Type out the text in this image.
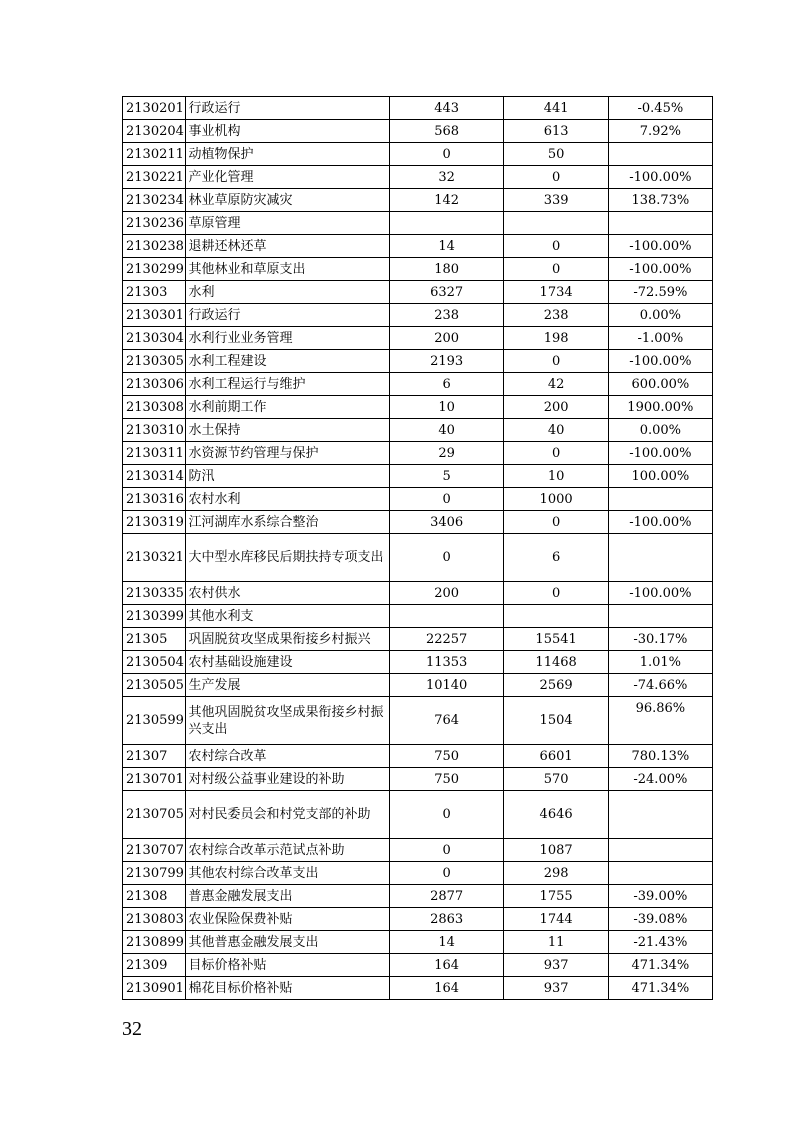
2130201	行政运行	443	441	-0.45%
2130204	事业机构	568	613	7.92%
2130211	动植物保护	0	50	
2130221	产业化管理	32	0	-100.00%
2130234	林业草原防灾减灾	142	339	138.73%
2130236	草原管理			
2130238	退耕还林还草	14	0	-100.00%
2130299	其他林业和草原支出	180	0	-100.00%
21303	水利	6327	1734	-72.59%
2130301	行政运行	238	238	0.00%
2130304	水利行业业务管理	200	198	-1.00%
2130305	水利工程建设	2193	0	-100.00%
2130306	水利工程运行与维护	6	42	600.00%
2130308	水利前期工作	10	200	1900.00%
2130310	水土保持	40	40	0.00%
2130311	水资源节约管理与保护	29	0	-100.00%
2130314	防汛	5	10	100.00%
2130316	农村水利	0	1000	
2130319	江河湖库水系综合整治	3406	0	-100.00%
2130321	大中型水库移民后期扶持专项支出	0	6	
2130335	农村供水	200	0	-100.00%
2130399	其他水利支			
21305	巩固脱贫攻坚成果衔接乡村振兴	22257	15541	-30.17%
2130504	农村基础设施建设	11353	11468	1.01%
2130505	生产发展	10140	2569	-74.66%
2130599	其他巩固脱贫攻坚成果衔接乡村振兴支出	764	1504	96.86%
21307	农村综合改革	750	6601	780.13%
2130701	对村级公益事业建设的补助	750	570	-24.00%
2130705	对村民委员会和村党支部的补助	0	4646	
2130707	农村综合改革示范试点补助	0	1087	
2130799	其他农村综合改革支出	0	298	
21308	普惠金融发展支出	2877	1755	-39.00%
2130803	农业保险保费补贴	2863	1744	-39.08%
2130899	其他普惠金融发展支出	14	11	-21.43%
21309	目标价格补贴	164	937	471.34%
2130901	棉花目标价格补贴	164	937	471.34%
32
